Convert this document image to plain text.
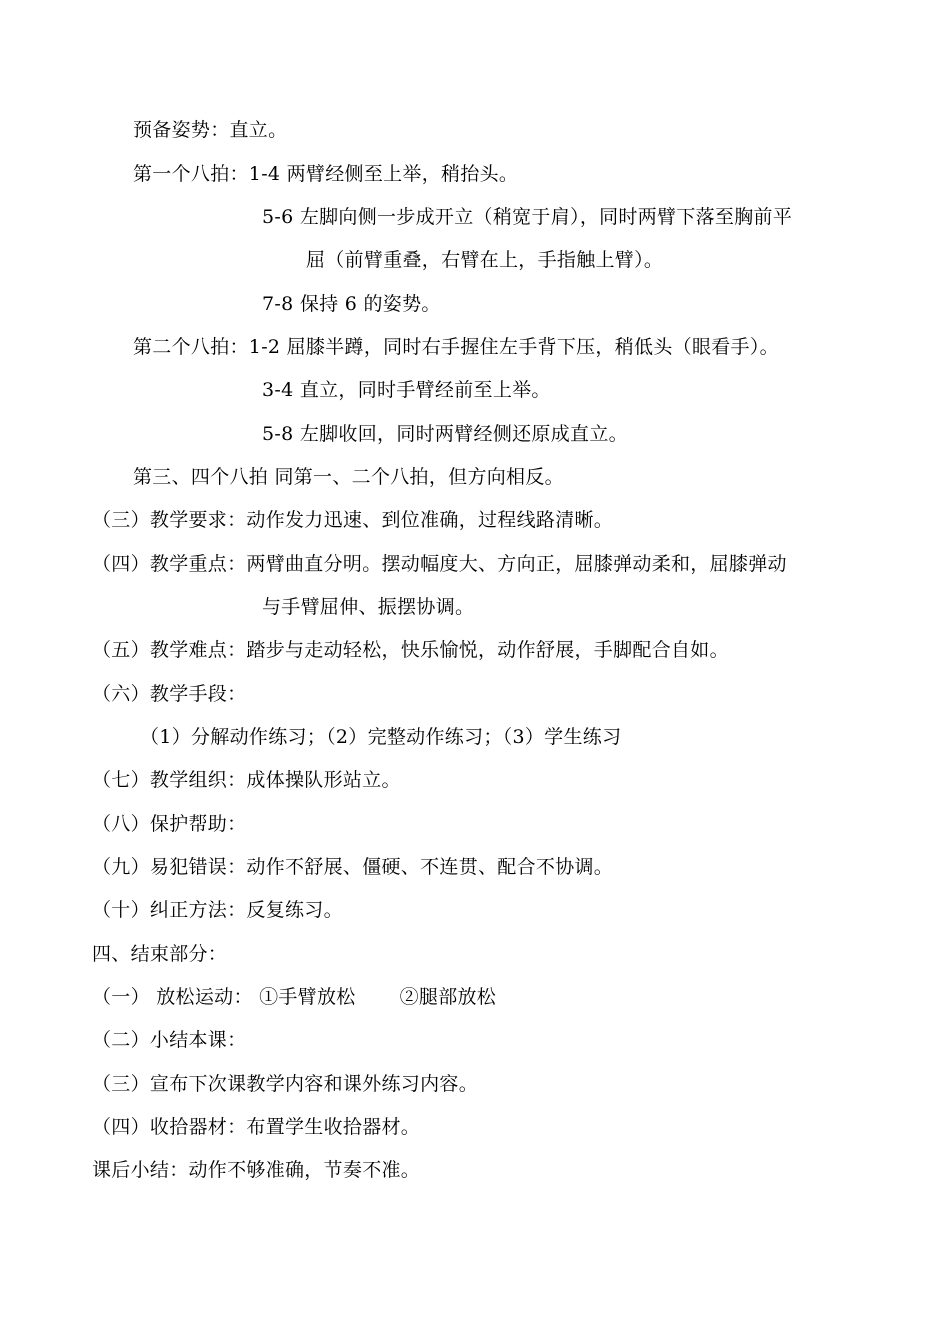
预备姿势：直立。
第一个八拍：1-4 两臂经侧至上举，稍抬头。
5-6 左脚向侧一步成开立（稍宽于肩），同时两臂下落至胸前平
屈（前臂重叠，右臂在上，手指触上臂）。
7-8 保持 6 的姿势。
第二个八拍：1-2 屈膝半蹲，同时右手握住左手背下压，稍低头（眼看手）。
3-4 直立，同时手臂经前至上举。
5-8 左脚收回，同时两臂经侧还原成直立。
第三、四个八拍 同第一、二个八拍，但方向相反。
（三）教学要求：动作发力迅速、到位准确，过程线路清晰。
（四）教学重点：两臂曲直分明。摆动幅度大、方向正，屈膝弹动柔和，屈膝弹动
与手臂屈伸、振摆协调。
（五）教学难点：踏步与走动轻松，快乐愉悦，动作舒展，手脚配合自如。
（六）教学手段：
（1）分解动作练习；（2）完整动作练习；（3）学生练习
（七）教学组织：成体操队形站立。
（八）保护帮助：
（九）易犯错误：动作不舒展、僵硬、不连贯、配合不协调。
（十）纠正方法：反复练习。
四、结束部分：
（一） 放松运动： ①手臂放松 ②腿部放松
（二）小结本课：
（三）宣布下次课教学内容和课外练习内容。
（四）收拾器材：布置学生收拾器材。
课后小结：动作不够准确，节奏不准。
